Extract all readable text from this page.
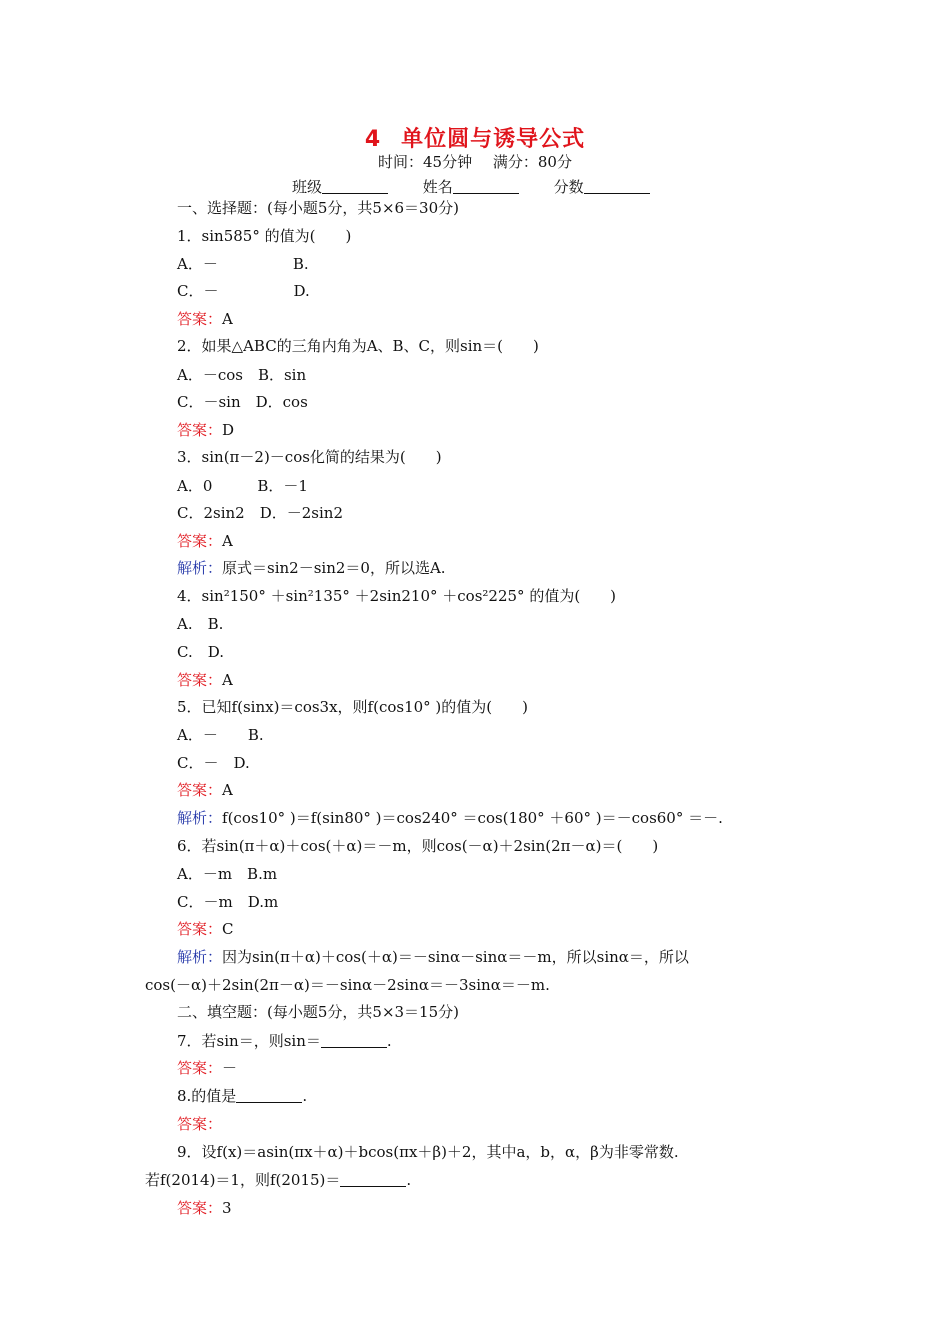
4 单位圆与诱导公式
时间：45分钟 满分：80分
班级	姓名	分数
一、选择题：(每小题5分，共5×6＝30分)
1．sin585° 的值为(　　)
A．－　　　　　B.
C．－　　　　　D.
答案：A
2．如果△ABC的三角内角为A、B、C，则sin＝(　　)
A．－cos　B．sin
C．－sin　D．cos
答案：D
3．sin(π－2)－cos化简的结果为(　　)
A．0　　　B．－1
C．2sin2　D．－2sin2
答案：A
解析：原式＝sin2－sin2＝0，所以选A.
4．sin²150° ＋sin²135° ＋2sin210° ＋cos²225° 的值为(　　)
A.　B.
C.　D.
答案：A
5．已知f(sinx)＝cos3x，则f(cos10° )的值为(　　)
A．－　　B.
C．－　D.
答案：A
解析：f(cos10° )＝f(sin80° )＝cos240° ＝cos(180° ＋60° )＝－cos60° ＝－.
6．若sin(π＋α)＋cos(＋α)＝－m，则cos(－α)＋2sin(2π－α)＝(　　)
A．－m　B.m
C．－m　D.m
答案：C
解析：因为sin(π＋α)＋cos(＋α)＝－sinα－sinα＝－m，所以sinα＝，所以
cos(－α)＋2sin(2π－α)＝－sinα－2sinα＝－3sinα＝－m.
二、填空题：(每小题5分，共5×3＝15分)
7．若sin＝，则sin＝	.
答案：－
8.的值是	.
答案：
9．设f(x)＝asin(πx＋α)＋bcos(πx＋β)＋2，其中a，b，α，β为非零常数.
若f(2014)＝1，则f(2015)＝	.
答案：3
